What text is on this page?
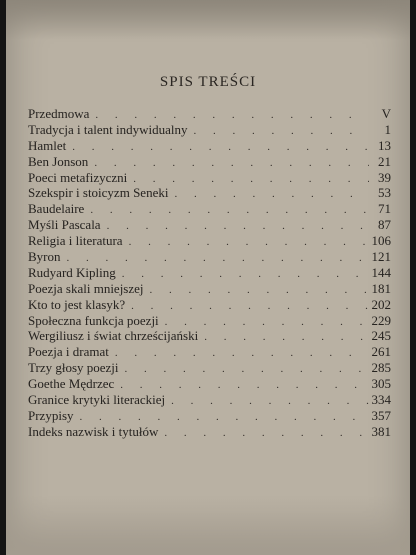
SPIS TREŚCI
Przedmowa . . .	V
Tradycja i talent indywidualny . . .	1
Hamlet . . .	13
Ben Jonson . . .	21
Poeci metafizyczni . . .	39
Szekspir i stoicyzm Seneki . . .	53
Baudelaire . . .	71
Myśli Pascala . . .	87
Religia i literatura . . .	106
Byron . . .	121
Rudyard Kipling . . .	144
Poezja skali mniejszej . . .	181
Kto to jest klasyk? . . .	202
Społeczna funkcja poezji . . .	229
Wergiliusz i świat chrześcijański . . .	245
Poezja i dramat . . .	261
Trzy głosy poezji . . .	285
Goethe Mędrzec . . .	305
Granice krytyki literackiej . . .	334
Przypisy . . .	357
Indeks nazwisk i tytułów . . .	381
